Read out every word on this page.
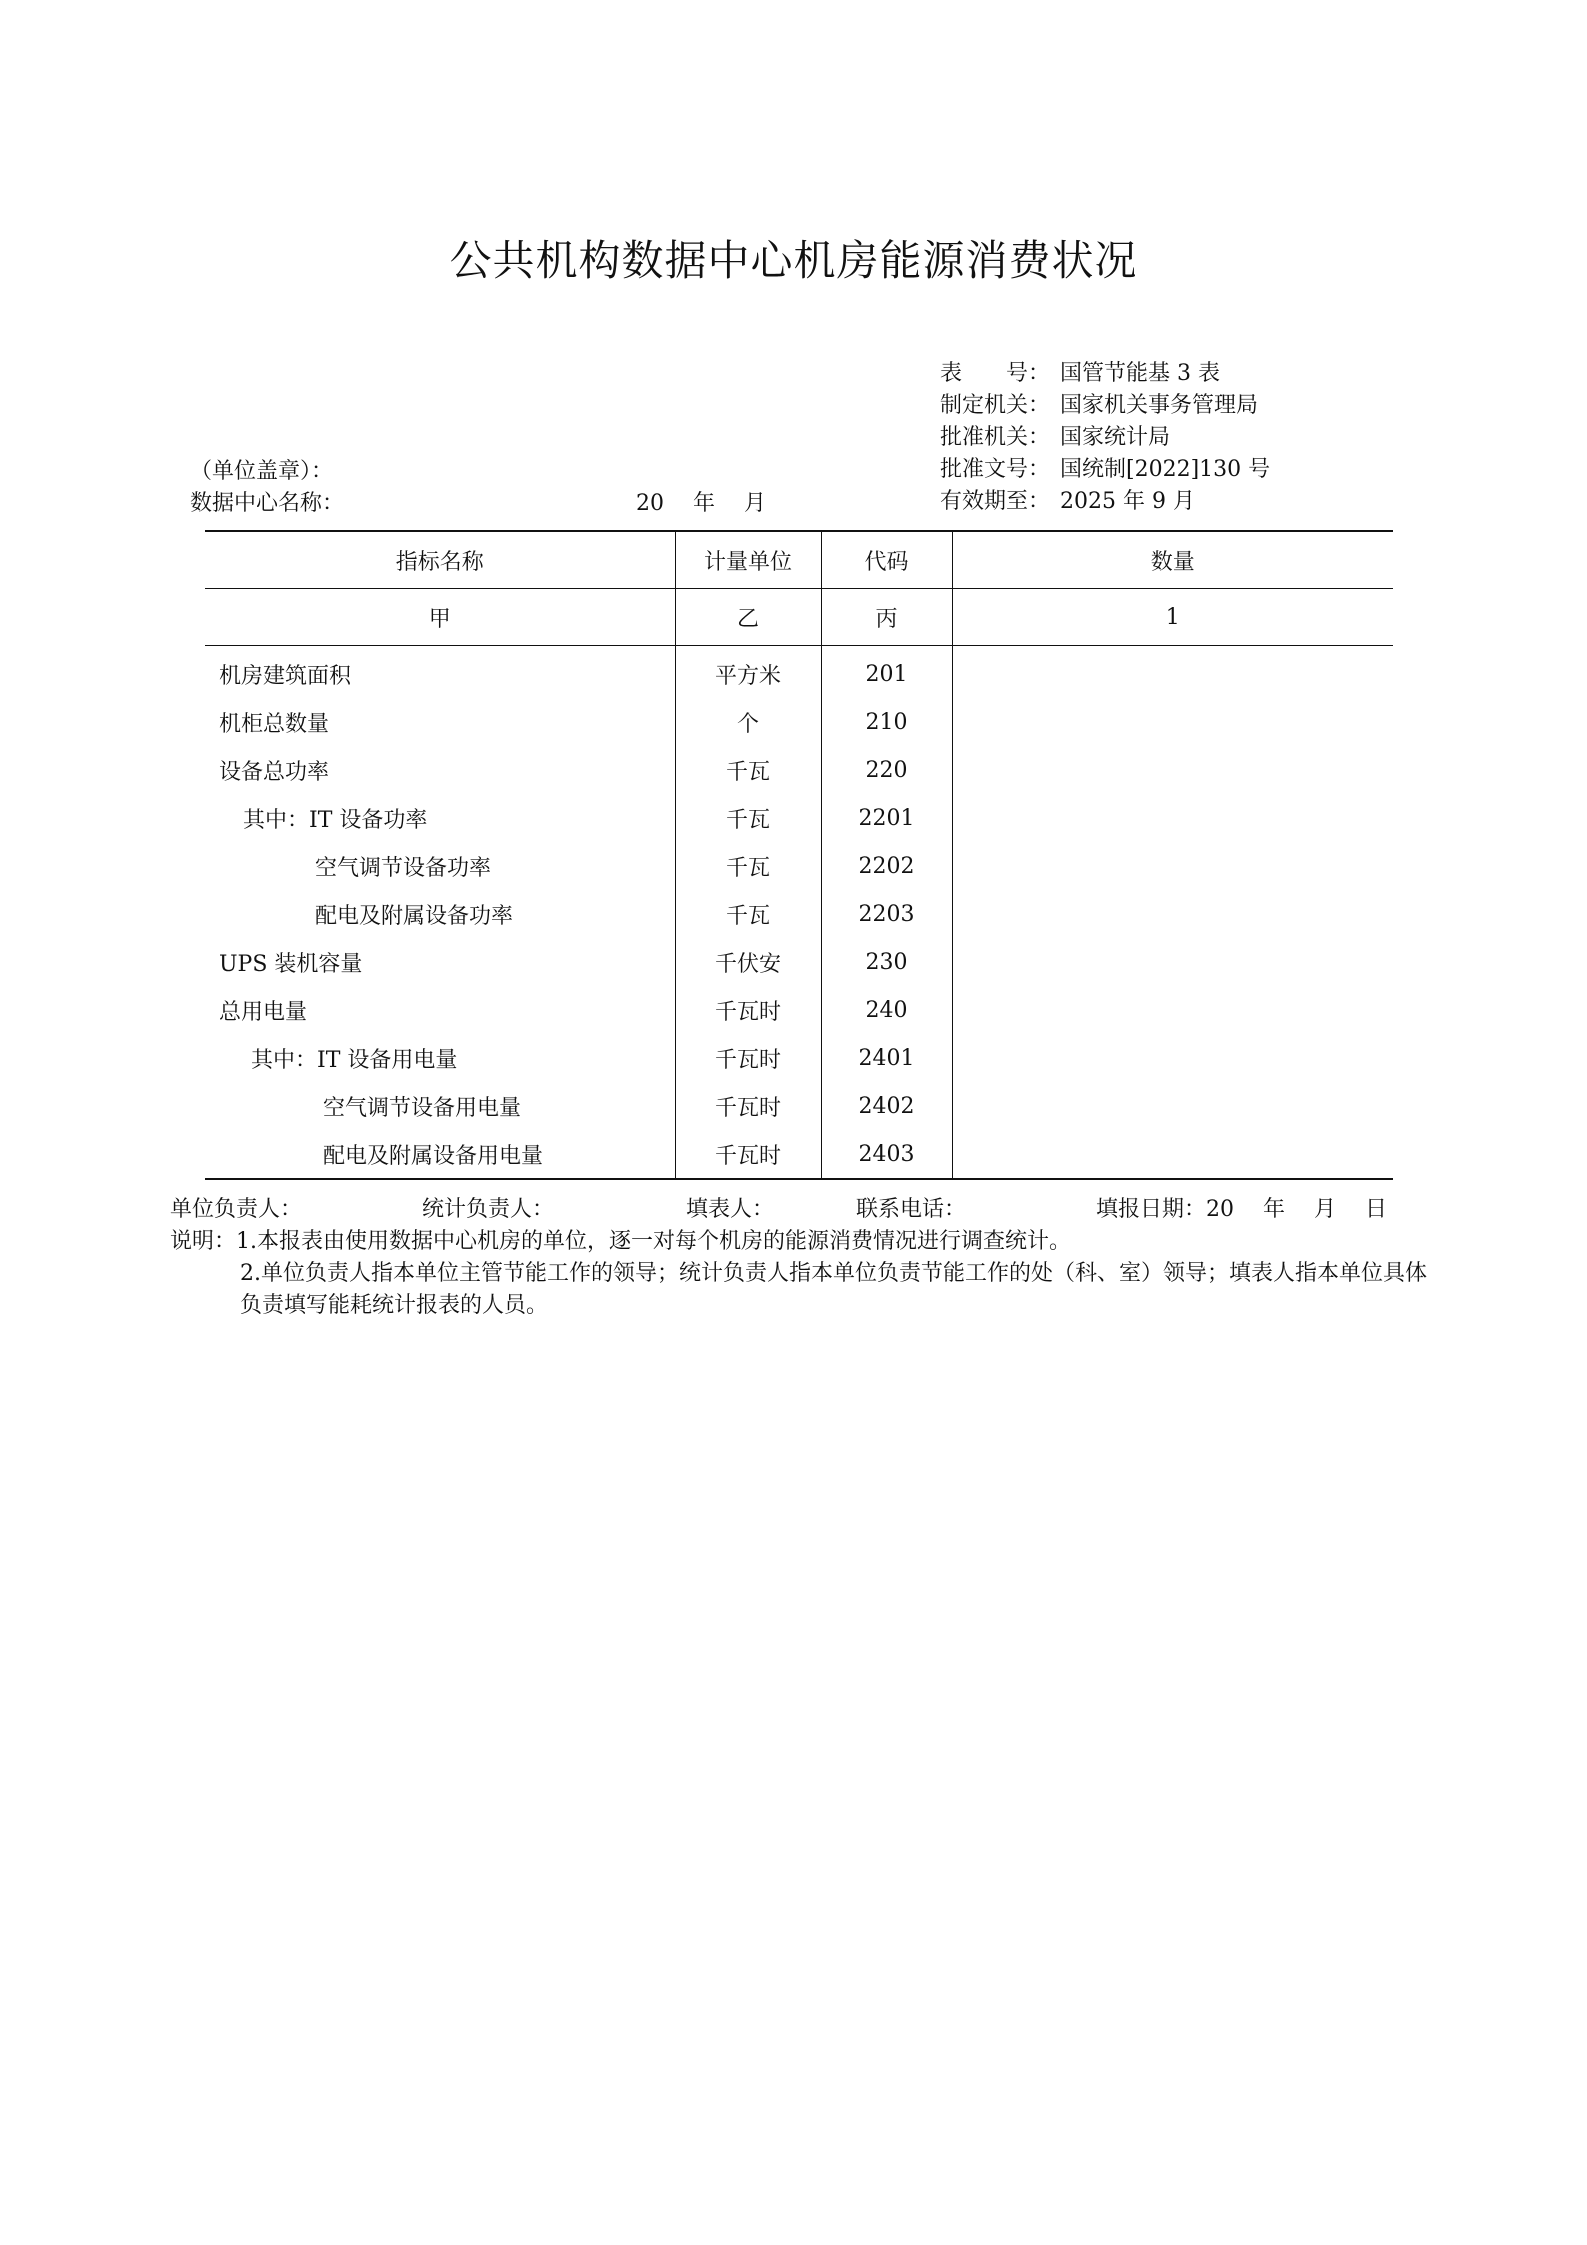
公共机构数据中心机房能源消费状况
表　　号： 国管节能基 3 表
制定机关： 国家机关事务管理局
批准机关： 国家统计局
批准文号： 国统制[2022]130 号
有效期至： 2025 年 9 月
（单位盖章）：
数据中心名称：	20　 年　 月
指标名称	计量单位	代码	数量
甲	乙	丙	1
机房建筑面积	平方米	201	
机柜总数量	个	210	
设备总功率	千瓦	220	
其中：IT 设备功率	千瓦	2201	
空气调节设备功率	千瓦	2202	
配电及附属设备功率	千瓦	2203	
UPS 装机容量	千伏安	230	
总用电量	千瓦时	240	
其中：IT 设备用电量	千瓦时	2401	
空气调节设备用电量	千瓦时	2402	
配电及附属设备用电量	千瓦时	2403	
单位负责人：	统计负责人：	填表人：	联系电话：	填报日期：20　 年　 月　 日
说明：1.本报表由使用数据中心机房的单位，逐一对每个机房的能源消费情况进行调查统计。
2.单位负责人指本单位主管节能工作的领导；统计负责人指本单位负责节能工作的处（科、室）领导；填表人指本单位具体负责填写能耗统计报表的人员。
